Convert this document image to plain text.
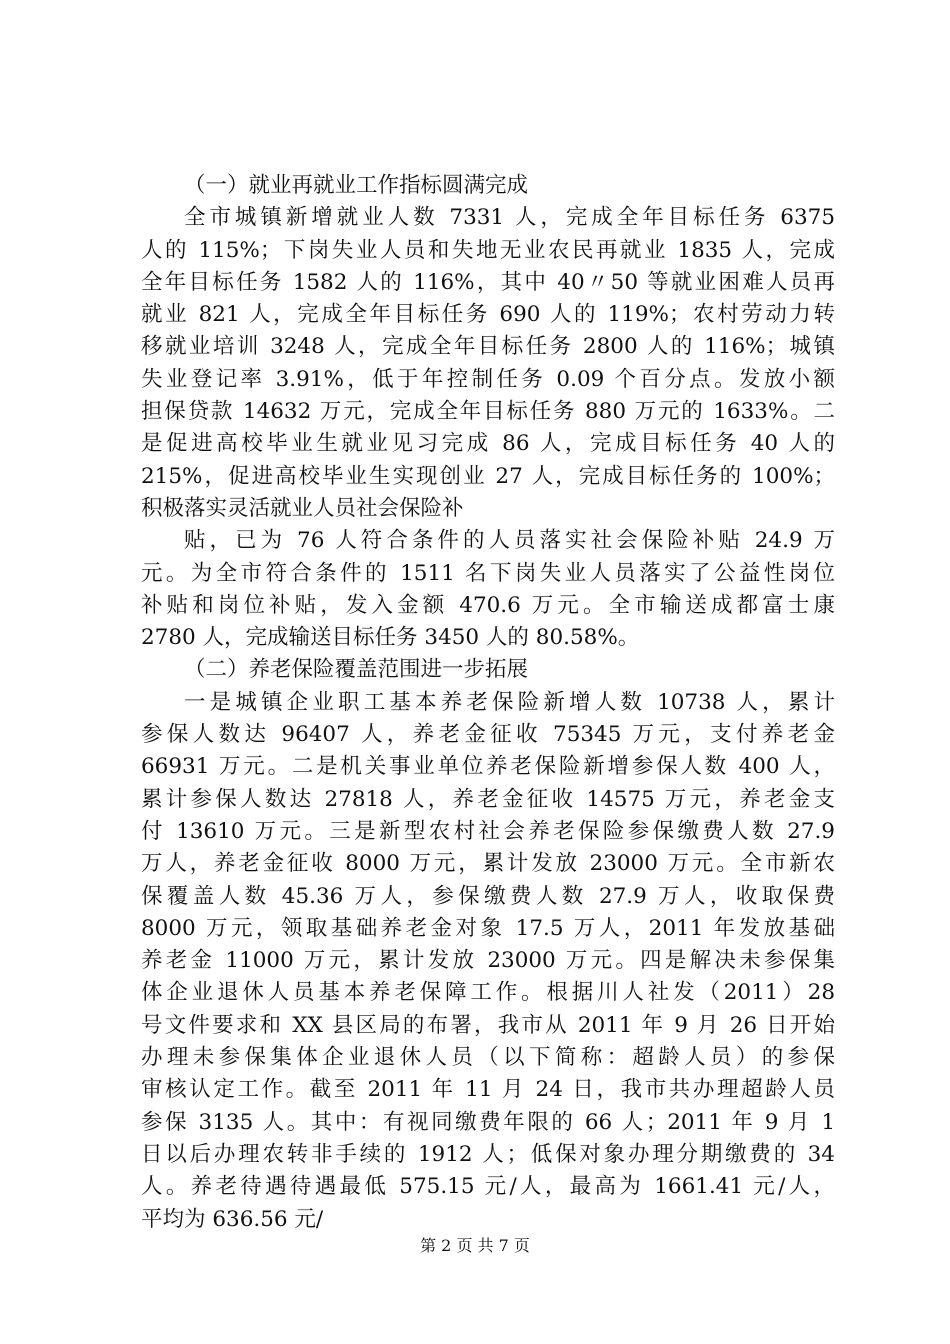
（一）就业再就业工作指标圆满完成
全市城镇新增就业人数 7331 人，完成全年目标任务 6375
人的 115%；下岗失业人员和失地无业农民再就业 1835 人，完成
全年目标任务 1582 人的 116%，其中 40〃50 等就业困难人员再
就业 821 人，完成全年目标任务 690 人的 119%；农村劳动力转
移就业培训 3248 人，完成全年目标任务 2800 人的 116%；城镇
失业登记率 3.91%，低于年控制任务 0.09 个百分点。发放小额
担保贷款 14632 万元，完成全年目标任务 880 万元的 1633%。二
是促进高校毕业生就业见习完成 86 人，完成目标任务 40 人的
215%，促进高校毕业生实现创业 27 人，完成目标任务的 100%；
积极落实灵活就业人员社会保险补
贴，已为 76 人符合条件的人员落实社会保险补贴 24.9 万
元。为全市符合条件的 1511 名下岗失业人员落实了公益性岗位
补贴和岗位补贴，发入金额 470.6 万元。全市输送成都富士康
2780 人，完成输送目标任务 3450 人的 80.58%。
（二）养老保险覆盖范围进一步拓展
一是城镇企业职工基本养老保险新增人数 10738 人，累计
参保人数达 96407 人，养老金征收 75345 万元，支付养老金
66931 万元。二是机关事业单位养老保险新增参保人数 400 人，
累计参保人数达 27818 人，养老金征收 14575 万元，养老金支
付 13610 万元。三是新型农村社会养老保险参保缴费人数 27.9
万人，养老金征收 8000 万元，累计发放 23000 万元。全市新农
保覆盖人数 45.36 万人，参保缴费人数 27.9 万人，收取保费
8000 万元，领取基础养老金对象 17.5 万人，2011 年发放基础
养老金 11000 万元，累计发放 23000 万元。四是解决未参保集
体企业退休人员基本养老保障工作。根据川人社发（2011）28
号文件要求和 XX 县区局的布署，我市从 2011 年 9 月 26 日开始
办理未参保集体企业退休人员（以下简称：超龄人员）的参保
审核认定工作。截至 2011 年 11 月 24 日，我市共办理超龄人员
参保 3135 人。其中：有视同缴费年限的 66 人；2011 年 9 月 1
日以后办理农转非手续的 1912 人；低保对象办理分期缴费的 34
人。养老待遇待遇最低 575.15 元/人，最高为 1661.41 元/人，
平均为 636.56 元/
第 2 页 共 7 页
